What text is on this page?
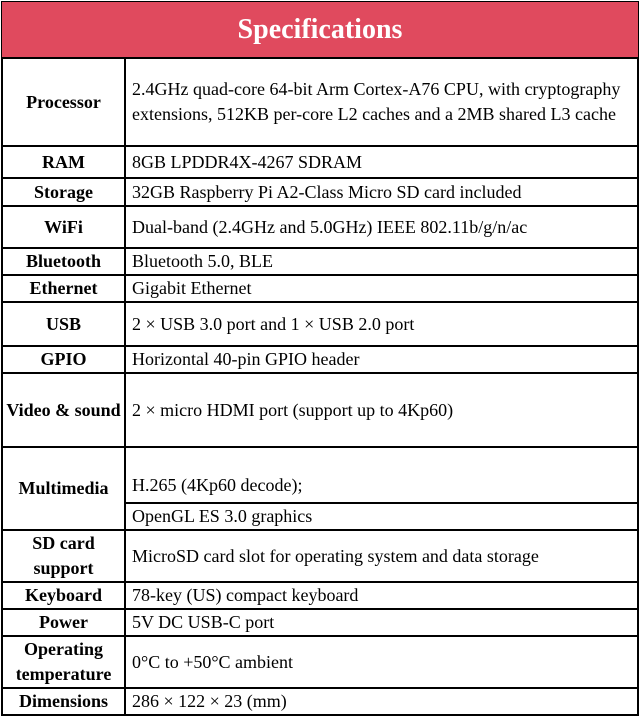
Specifications
Processor	2.4GHz quad-core 64-bit Arm Cortex-A76 CPU, with cryptography extensions, 512KB per-core L2 caches and a 2MB shared L3 cache
RAM	8GB LPDDR4X-4267 SDRAM
Storage	32GB Raspberry Pi A2-Class Micro SD card included
WiFi	Dual-band (2.4GHz and 5.0GHz) IEEE 802.11b/g/n/ac
Bluetooth	Bluetooth 5.0, BLE
Ethernet	Gigabit Ethernet
USB	2 × USB 3.0 port and 1 × USB 2.0 port
GPIO	Horizontal 40-pin GPIO header
Video & sound	2 × micro HDMI port (support up to 4Kp60)
Multimedia	H.265 (4Kp60 decode);
	OpenGL ES 3.0 graphics
SD card support	MicroSD card slot for operating system and data storage
Keyboard	78-key (US) compact keyboard
Power	5V DC USB-C port
Operating temperature	0°C to +50°C ambient
Dimensions	286 × 122 × 23 (mm)
